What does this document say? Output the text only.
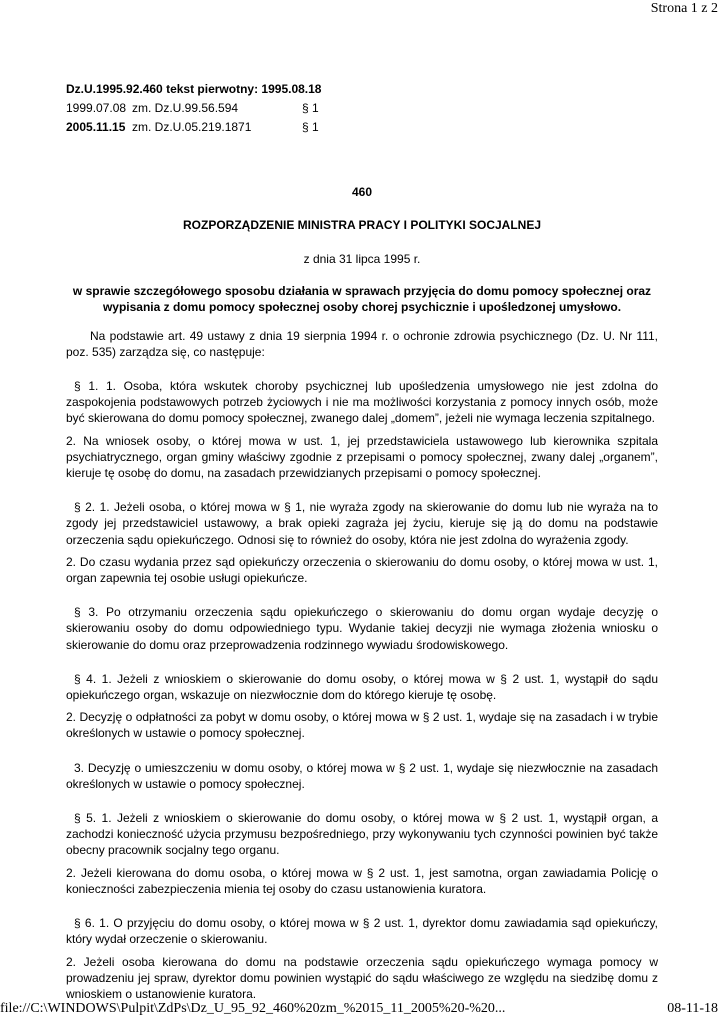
Strona 1 z 2
Dz.U.1995.92.460 tekst pierwotny: 1995.08.18
1999.07.08 zm. Dz.U.99.56.594	§ 1
2005.11.15 zm. Dz.U.05.219.1871	§ 1
460
ROZPORZĄDZENIE MINISTRA PRACY I POLITYKI SOCJALNEJ
z dnia 31 lipca 1995 r.
w sprawie szczegółowego sposobu działania w sprawach przyjęcia do domu pomocy społecznej oraz wypisania z domu pomocy społecznej osoby chorej psychicznie i upośledzonej umysłowo.

Na podstawie art. 49 ustawy z dnia 19 sierpnia 1994 r. o ochronie zdrowia psychicznego (Dz. U. Nr 111, poz. 535) zarządza się, co następuje:

§ 1. 1. Osoba, która wskutek choroby psychicznej lub upośledzenia umysłowego nie jest zdolna do zaspokojenia podstawowych potrzeb życiowych i nie ma możliwości korzystania z pomocy innych osób, może być skierowana do domu pomocy społecznej, zwanego dalej „domem”, jeżeli nie wymaga leczenia szpitalnego.

2. Na wniosek osoby, o której mowa w ust. 1, jej przedstawiciela ustawowego lub kierownika szpitala psychiatrycznego, organ gminy właściwy zgodnie z przepisami o pomocy społecznej, zwany dalej „organem”, kieruje tę osobę do domu, na zasadach przewidzianych przepisami o pomocy społecznej.

§ 2. 1. Jeżeli osoba, o której mowa w § 1, nie wyraża zgody na skierowanie do domu lub nie wyraża na to zgody jej przedstawiciel ustawowy, a brak opieki zagraża jej życiu, kieruje się ją do domu na podstawie orzeczenia sądu opiekuńczego. Odnosi się to również do osoby, która nie jest zdolna do wyrażenia zgody.

2. Do czasu wydania przez sąd opiekuńczy orzeczenia o skierowaniu do domu osoby, o której mowa w ust. 1, organ zapewnia tej osobie usługi opiekuńcze.

§ 3. Po otrzymaniu orzeczenia sądu opiekuńczego o skierowaniu do domu organ wydaje decyzję o skierowaniu osoby do domu odpowiedniego typu. Wydanie takiej decyzji nie wymaga złożenia wniosku o skierowanie do domu oraz przeprowadzenia rodzinnego wywiadu środowiskowego.

§ 4. 1. Jeżeli z wnioskiem o skierowanie do domu osoby, o której mowa w § 2 ust. 1, wystąpił do sądu opiekuńczego organ, wskazuje on niezwłocznie dom do którego kieruje tę osobę.

2. Decyzję o odpłatności za pobyt w domu osoby, o której mowa w § 2 ust. 1, wydaje się na zasadach i w trybie określonych w ustawie o pomocy społecznej.

3. Decyzję o umieszczeniu w domu osoby, o której mowa w § 2 ust. 1, wydaje się niezwłocznie na zasadach określonych w ustawie o pomocy społecznej.

§ 5. 1. Jeżeli z wnioskiem o skierowanie do domu osoby, o której mowa w § 2 ust. 1, wystąpił organ, a zachodzi konieczność użycia przymusu bezpośredniego, przy wykonywaniu tych czynności powinien być także obecny pracownik socjalny tego organu.

2. Jeżeli kierowana do domu osoba, o której mowa w § 2 ust. 1, jest samotna, organ zawiadamia Policję o konieczności zabezpieczenia mienia tej osoby do czasu ustanowienia kuratora.

§ 6. 1. O przyjęciu do domu osoby, o której mowa w § 2 ust. 1, dyrektor domu zawiadamia sąd opiekuńczy, który wydał orzeczenie o skierowaniu.

2. Jeżeli osoba kierowana do domu na podstawie orzeczenia sądu opiekuńczego wymaga pomocy w prowadzeniu jej spraw, dyrektor domu powinien wystąpić do sądu właściwego ze względu na siedzibę domu z wnioskiem o ustanowienie kuratora.

file://C:\WINDOWS\Pulpit\ZdPs\Dz_U_95_92_460%20zm_%2015_11_2005%20-%20...	08-11-18
